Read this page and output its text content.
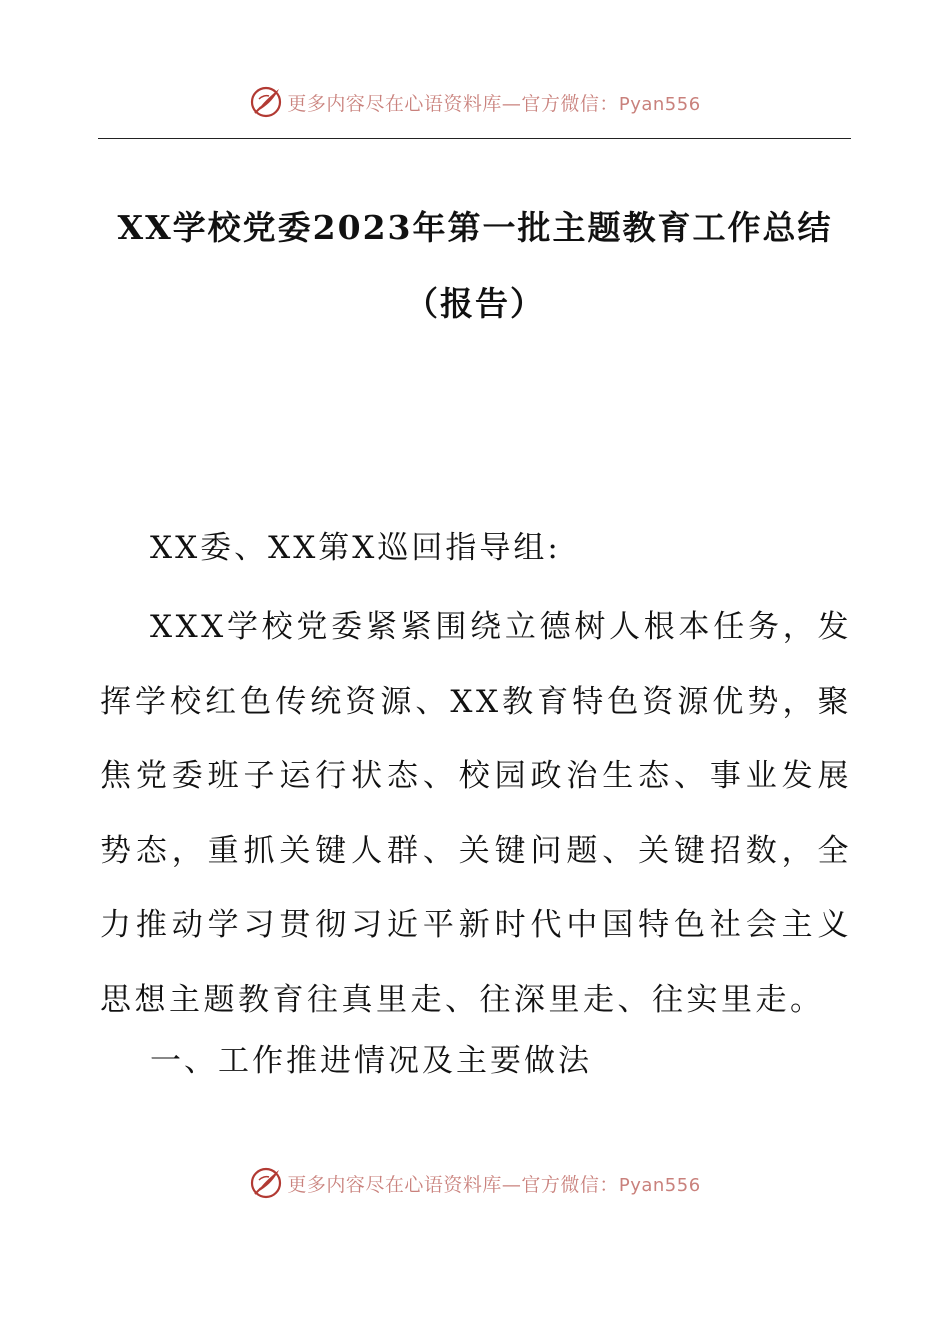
更多内容尽在心语资料库—官方微信：Pyan556
XX学校党委2023年第一批主题教育工作总结
（报告）
XX委、XX第X巡回指导组:
XXX学校党委紧紧围绕立德树人根本任务，发挥学校红色传统资源、XX教育特色资源优势，聚焦党委班子运行状态、校园政治生态、事业发展势态，重抓关键人群、关键问题、关键招数，全力推动学习贯彻习近平新时代中国特色社会主义思想主题教育往真里走、往深里走、往实里走。
一、工作推进情况及主要做法
更多内容尽在心语资料库—官方微信：Pyan556
